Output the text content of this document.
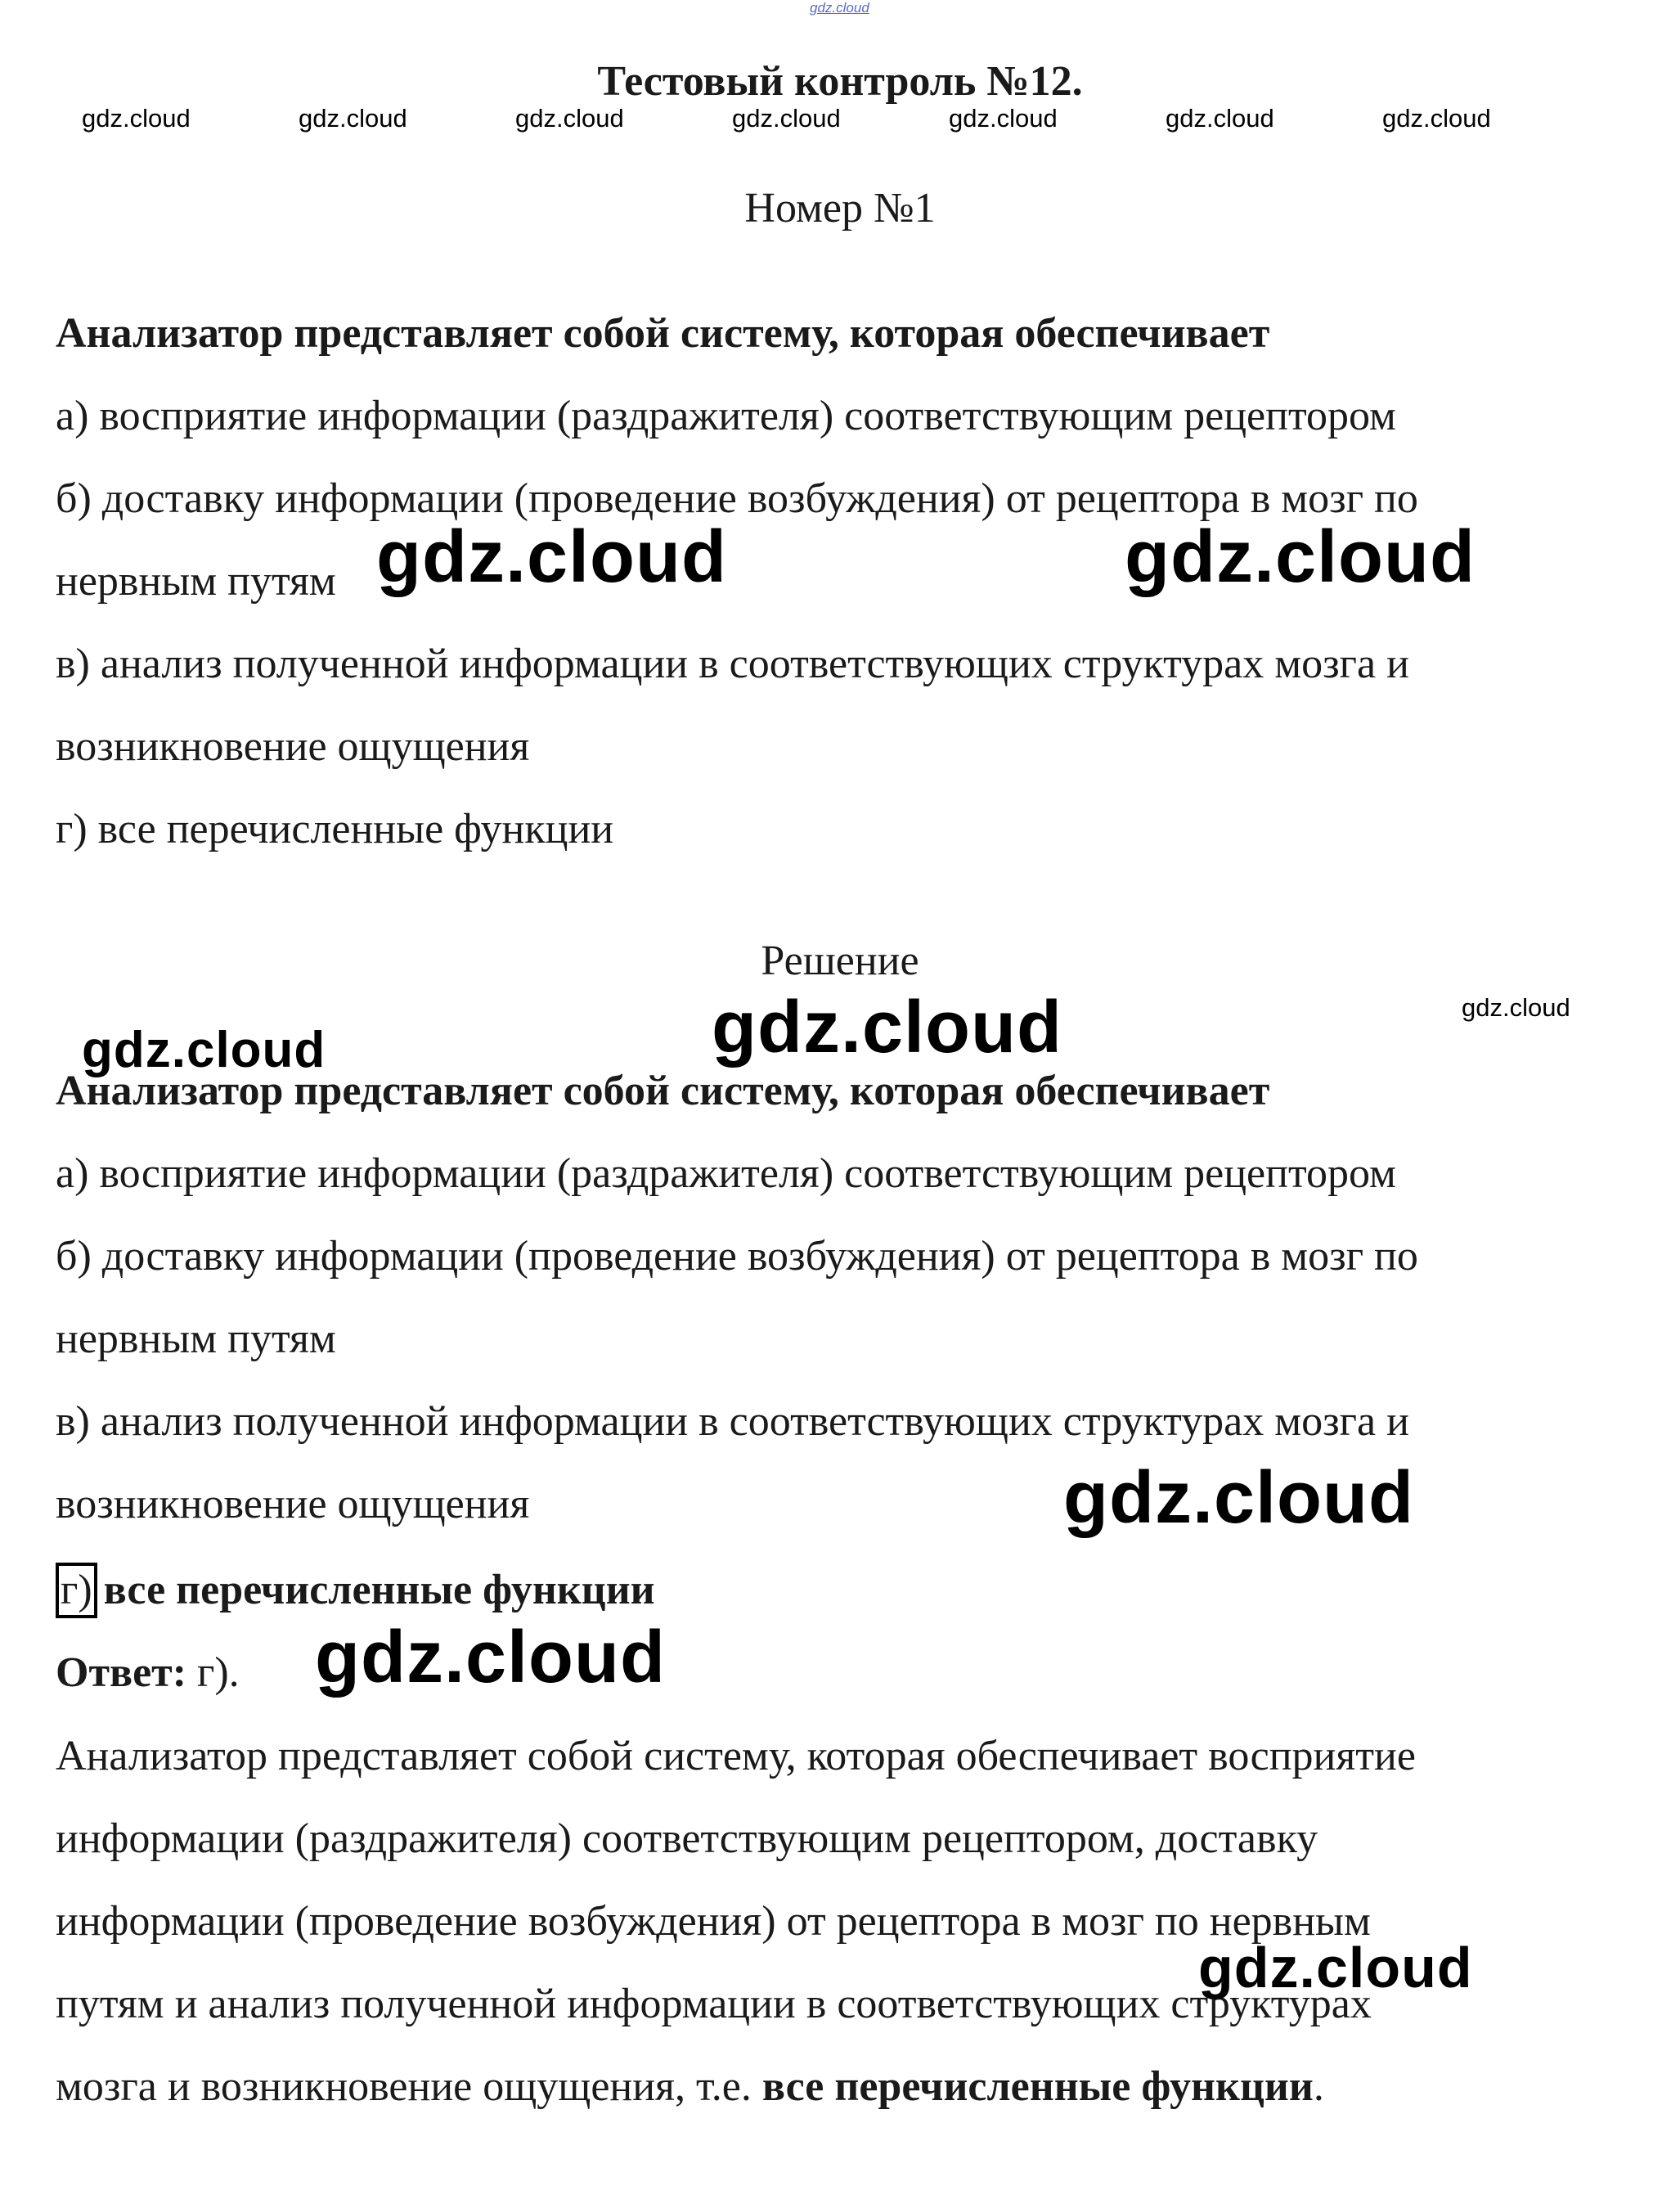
gdz.cloud
gdz.cloud	gdz.cloud	gdz.cloud	gdz.cloud	gdz.cloud	gdz.cloud	gdz.cloud
gdz.cloud	gdz.cloud
gdz.cloud
gdz.cloud
gdz.cloud
gdz.cloud
gdz.cloud
gdz.cloud
Тестовый контроль №12.
Номер №1
Анализатор представляет собой систему, которая обеспечивает
а) восприятие информации (раздражителя) соответствующим рецептором
б) доставку информации (проведение возбуждения) от рецептора в мозг по
нервным путям
в) анализ полученной информации в соответствующих структурах мозга и
возникновение ощущения
г) все перечисленные функции
Решение
Анализатор представляет собой систему, которая обеспечивает
а) восприятие информации (раздражителя) соответствующим рецептором
б) доставку информации (проведение возбуждения) от рецептора в мозг по
нервным путям
в) анализ полученной информации в соответствующих структурах мозга и
возникновение ощущения
г) все перечисленные функции
Ответ: г).
Анализатор представляет собой систему, которая обеспечивает восприятие
информации (раздражителя) соответствующим рецептором, доставку
информации (проведение возбуждения) от рецептора в мозг по нервным
путям и анализ полученной информации в соответствующих структурах
мозга и возникновение ощущения, т.е. все перечисленные функции.
